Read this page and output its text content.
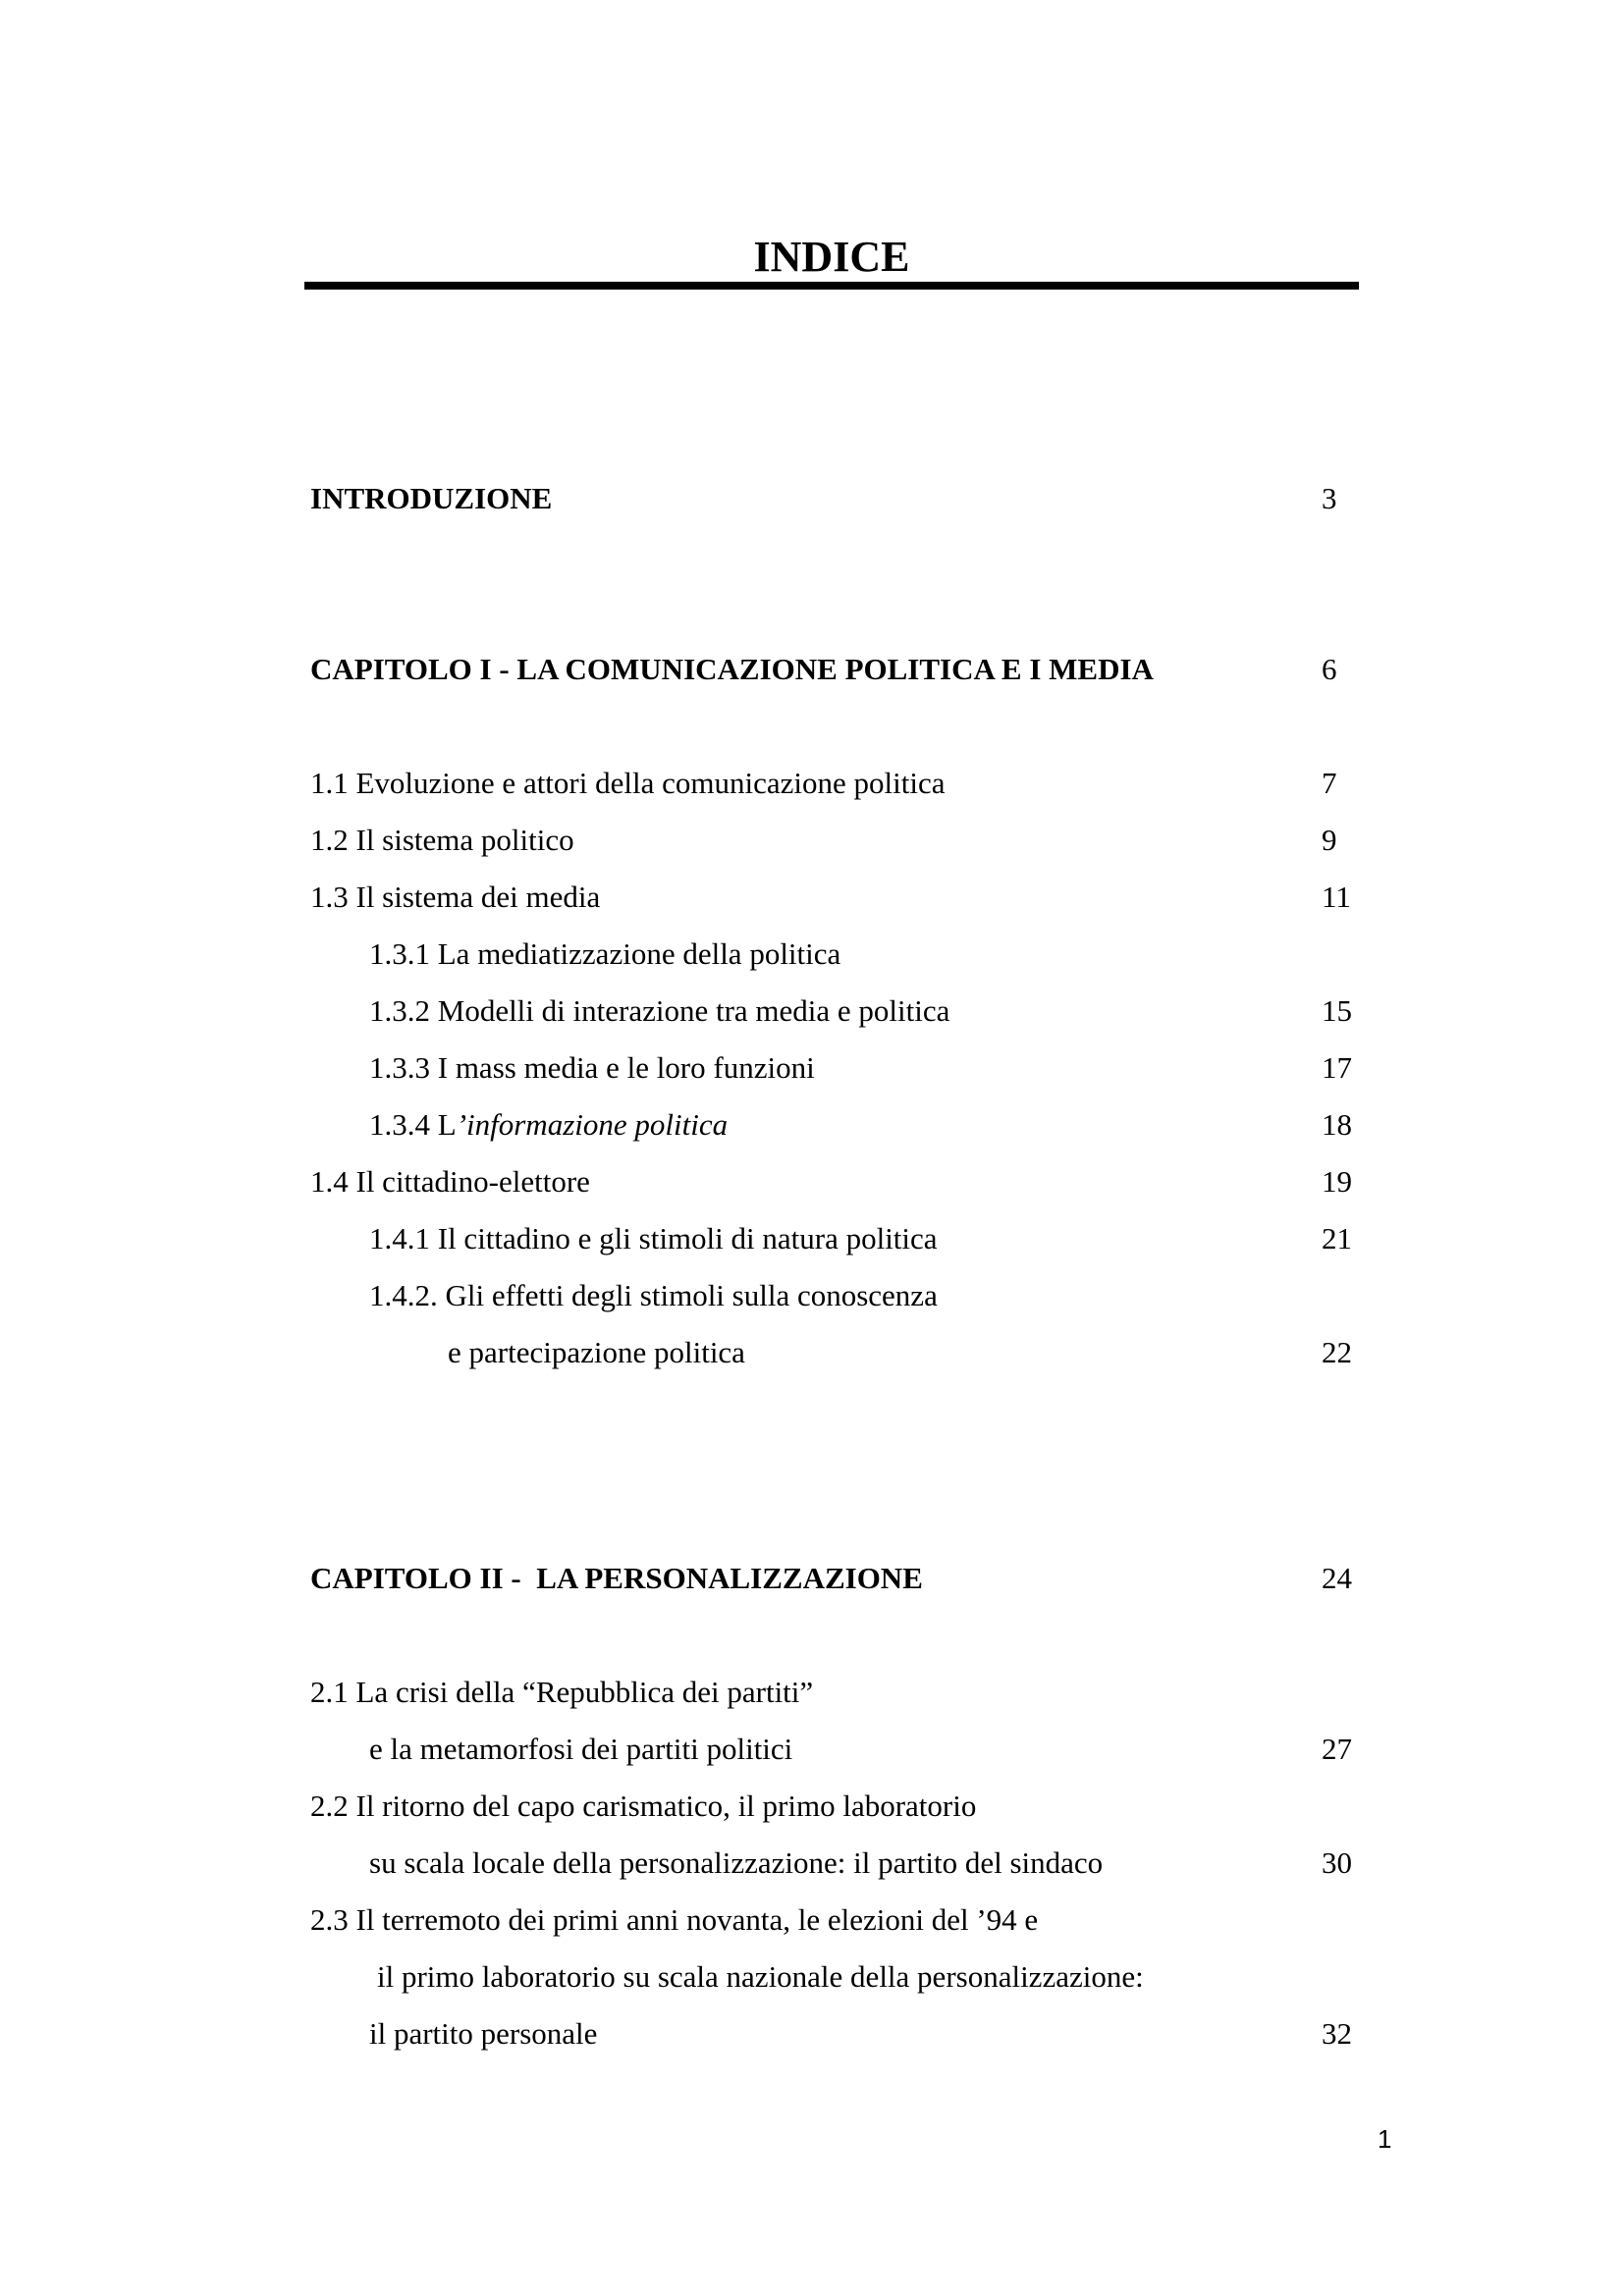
INDICE
INTRODUZIONE	3
CAPITOLO I - LA COMUNICAZIONE POLITICA E I MEDIA	6
1.1 Evoluzione e attori della comunicazione politica	7
1.2 Il sistema politico	9
1.3 Il sistema dei media	11
1.3.1 La mediatizzazione della politica
1.3.2 Modelli di interazione tra media e politica	15
1.3.3 I mass media e le loro funzioni	17
1.3.4 L’informazione politica	18
1.4 Il cittadino-elettore	19
1.4.1 Il cittadino e gli stimoli di natura politica	21
1.4.2. Gli effetti degli stimoli sulla conoscenza
e partecipazione politica	22
CAPITOLO II -  LA PERSONALIZZAZIONE	24
2.1 La crisi della “Repubblica dei partiti”
e la metamorfosi dei partiti politici	27
2.2 Il ritorno del capo carismatico, il primo laboratorio
su scala locale della personalizzazione: il partito del sindaco	30
2.3 Il terremoto dei primi anni novanta, le elezioni del ’94 e
il primo laboratorio su scala nazionale della personalizzazione:
il partito personale	32
1
